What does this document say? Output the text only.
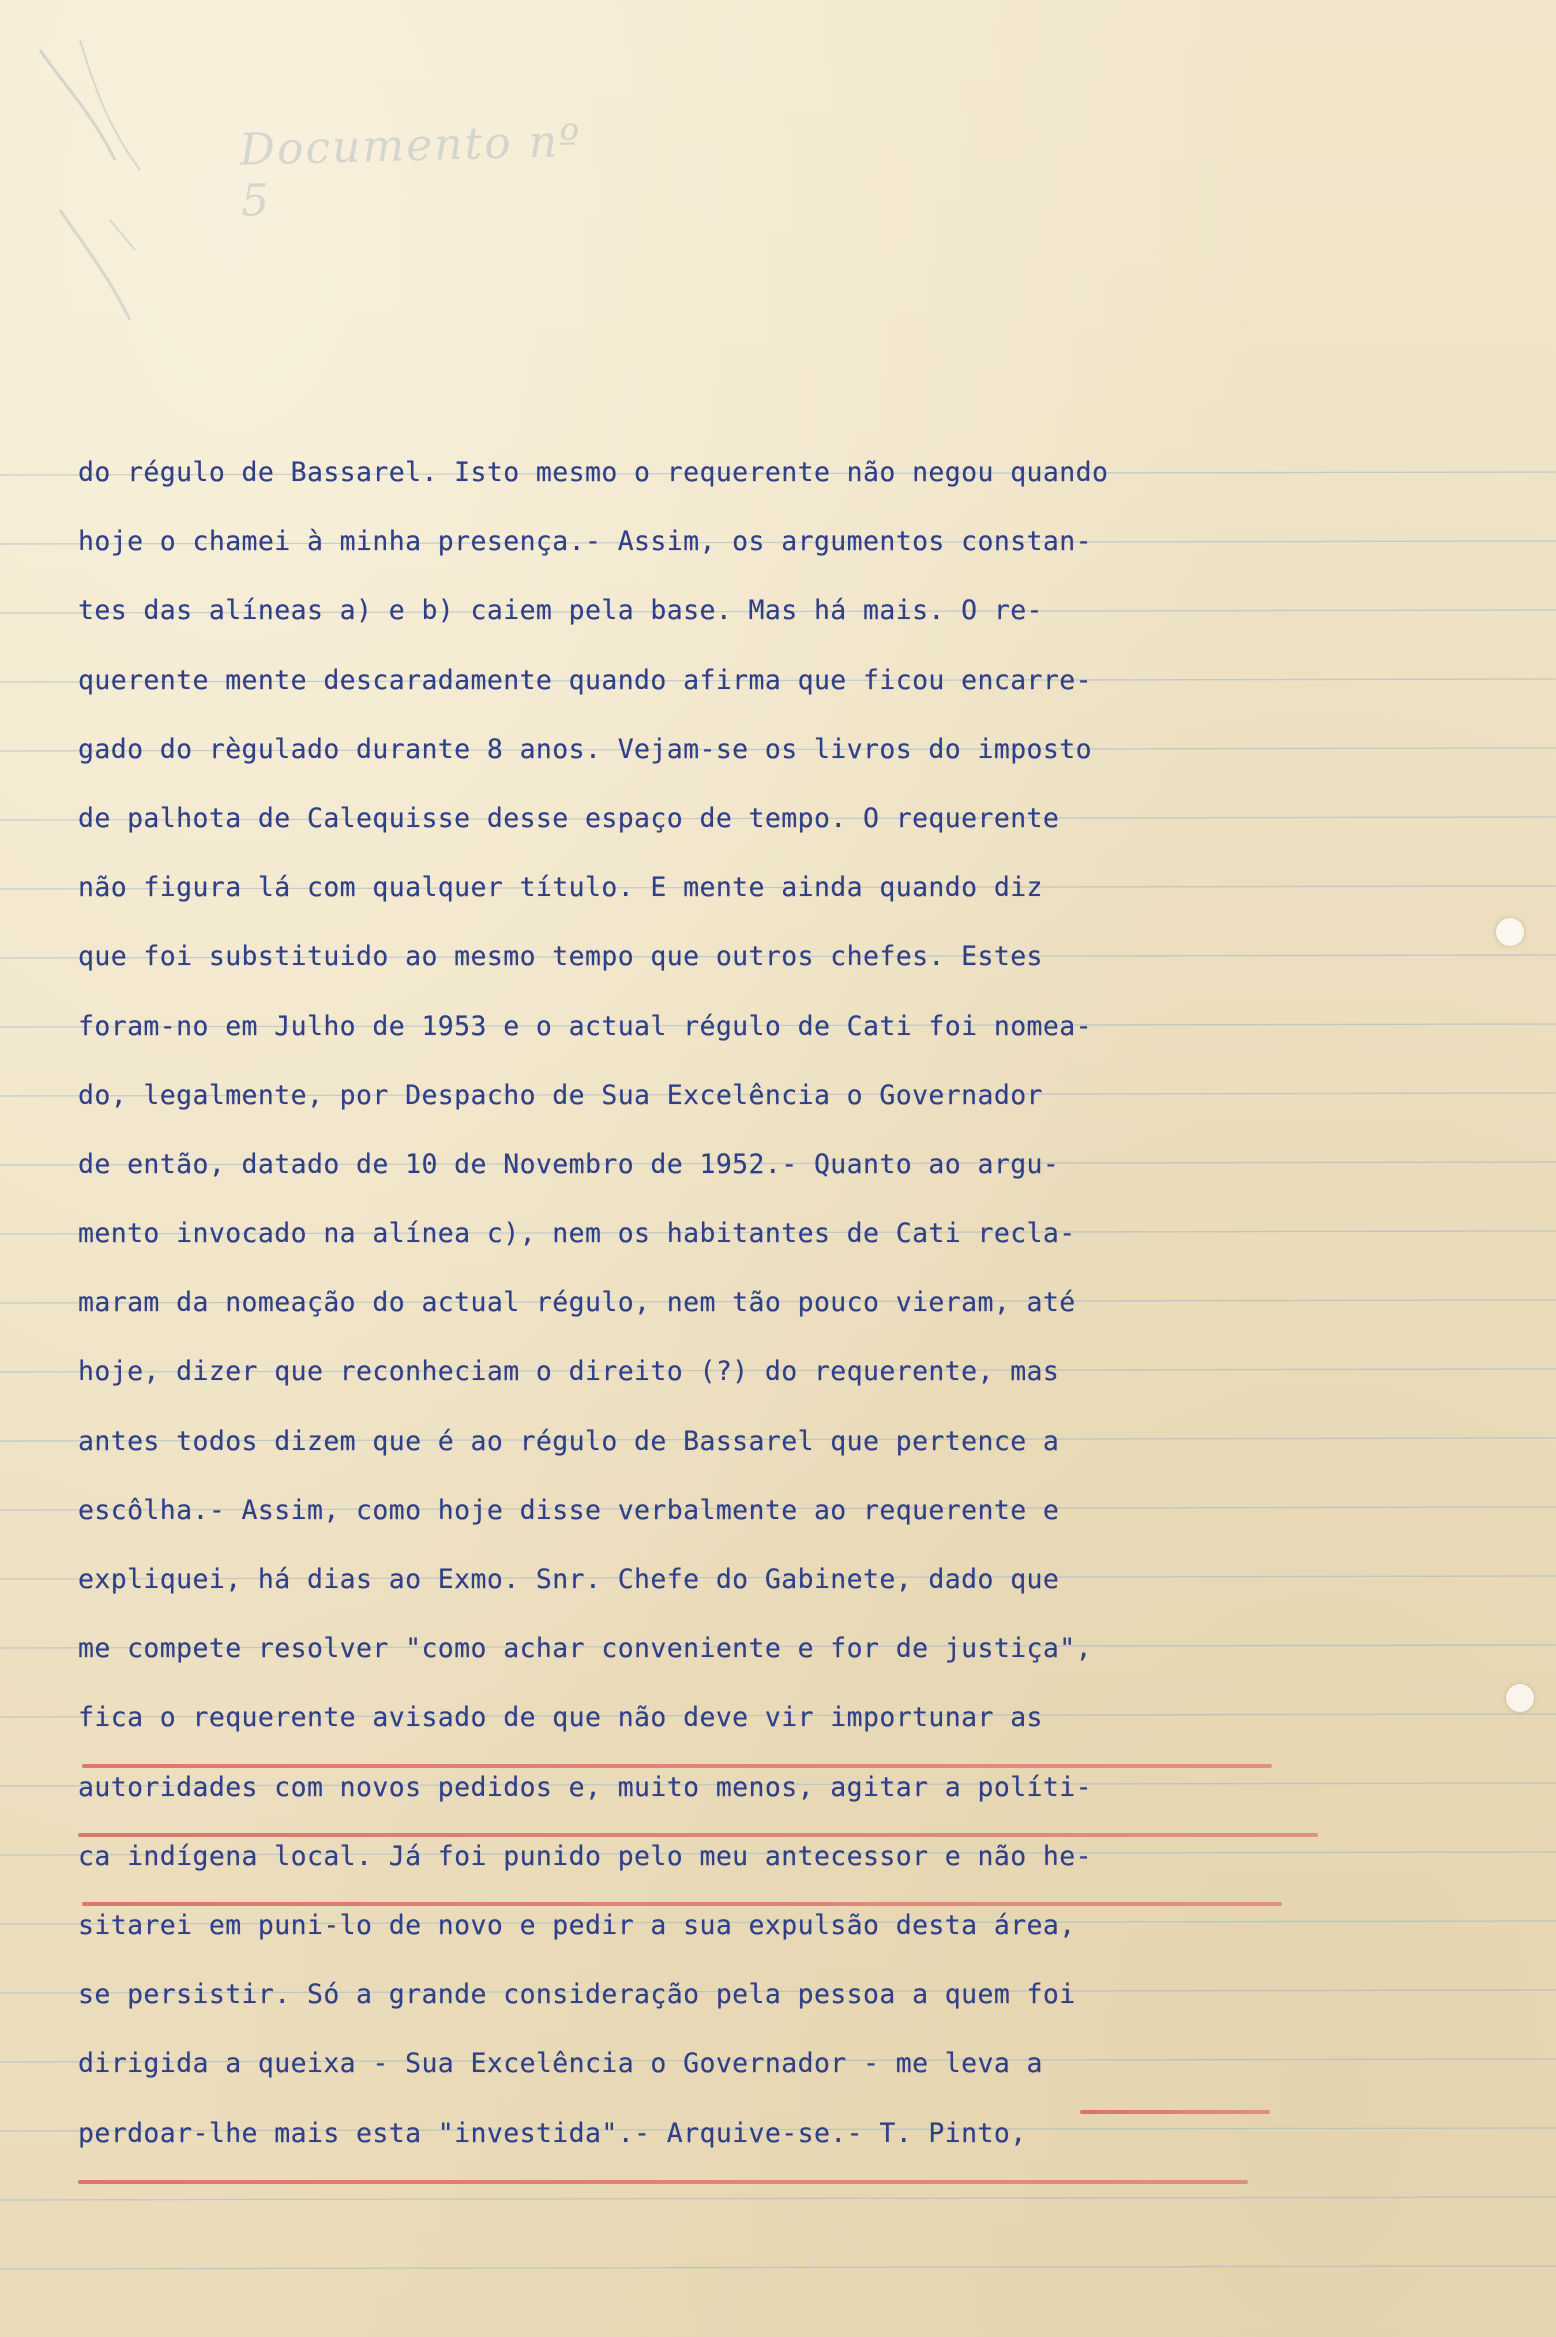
Documento nº 5
do régulo de Bassarel. Isto mesmo o requerente não negou quando
hoje o chamei à minha presença.- Assim, os argumentos constan-
tes das alíneas a) e b) caiem pela base. Mas há mais. O re-
querente mente descaradamente quando afirma que ficou encarre-
gado do règulado durante 8 anos. Vejam-se os livros do imposto
de palhota de Calequisse desse espaço de tempo. O requerente
não figura lá com qualquer título. E mente ainda quando diz
que foi substituido ao mesmo tempo que outros chefes. Estes
foram-no em Julho de 1953 e o actual régulo de Cati foi nomea-
do, legalmente, por Despacho de Sua Excelência o Governador
de então, datado de 10 de Novembro de 1952.- Quanto ao argu-
mento invocado na alínea c), nem os habitantes de Cati recla-
maram da nomeação do actual régulo, nem tão pouco vieram, até
hoje, dizer que reconheciam o direito (?) do requerente, mas
antes todos dizem que é ao régulo de Bassarel que pertence a
escôlha.- Assim, como hoje disse verbalmente ao requerente e
expliquei, há dias ao Exmo. Snr. Chefe do Gabinete, dado que
me compete resolver "como achar conveniente e for de justiça",
fica o requerente avisado de que não deve vir importunar as
autoridades com novos pedidos e, muito menos, agitar a políti-
ca indígena local. Já foi punido pelo meu antecessor e não he-
sitarei em puni-lo de novo e pedir a sua expulsão desta área,
se persistir. Só a grande consideração pela pessoa a quem foi
dirigida a queixa - Sua Excelência o Governador - me leva a
perdoar-lhe mais esta "investida".- Arquive-se.- T. Pinto,
